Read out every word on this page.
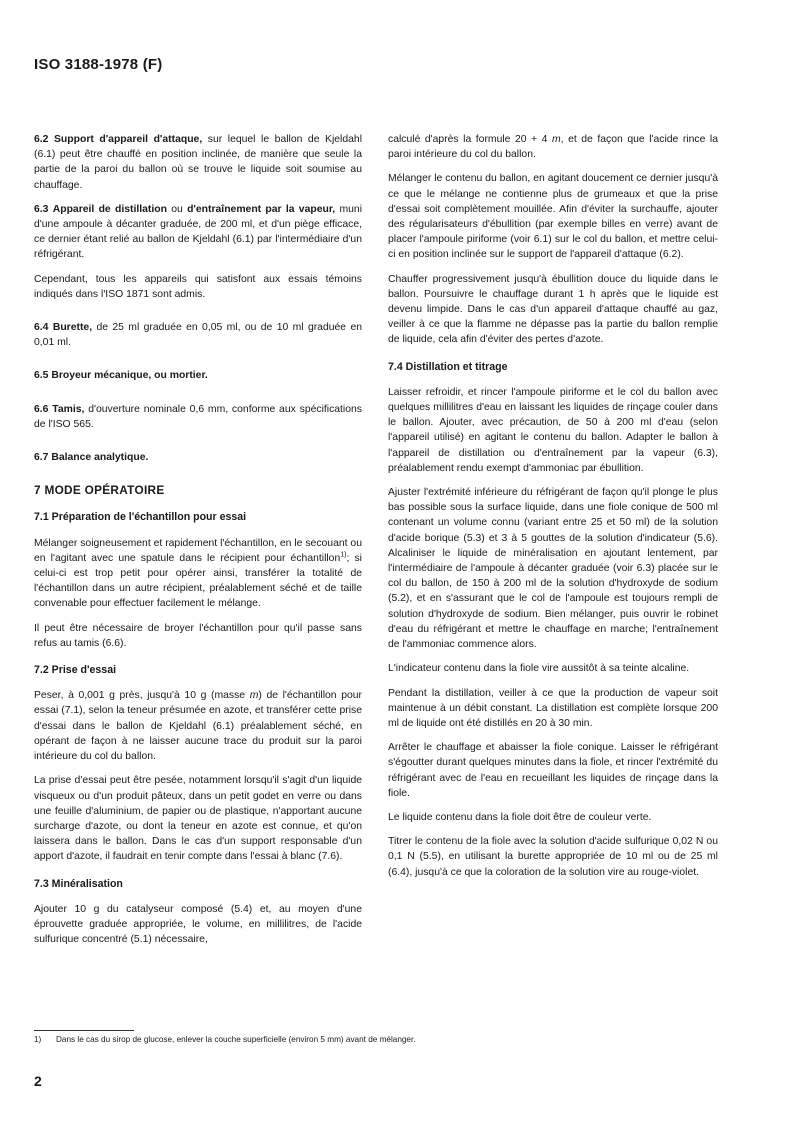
ISO 3188-1978 (F)

6.2 Support d'appareil d'attaque, sur lequel le ballon de Kjeldahl (6.1) peut être chauffé en position inclinée, de manière que seule la partie de la paroi du ballon où se trouve le liquide soit soumise au chauffage.

6.3 Appareil de distillation ou d'entraînement par la vapeur, muni d'une ampoule à décanter graduée, de 200 ml, et d'un piège efficace, ce dernier étant relié au ballon de Kjeldahl (6.1) par l'intermédiaire d'un réfrigérant.

Cependant, tous les appareils qui satisfont aux essais témoins indiqués dans l'ISO 1871 sont admis.

6.4 Burette, de 25 ml graduée en 0,05 ml, ou de 10 ml graduée en 0,01 ml.

6.5 Broyeur mécanique, ou mortier.

6.6 Tamis, d'ouverture nominale 0,6 mm, conforme aux spécifications de l'ISO 565.

6.7 Balance analytique.

7 MODE OPÉRATOIRE
7.1 Préparation de l'échantillon pour essai

Mélanger soigneusement et rapidement l'échantillon, en le secouant ou en l'agitant avec une spatule dans le récipient pour échantillon$^{1)}$; si celui-ci est trop petit pour opérer ainsi, transférer la totalité de l'échantillon dans un autre récipient, préalablement séché et de taille convenable pour effectuer facilement le mélange.

Il peut être nécessaire de broyer l'échantillon pour qu'il passe sans refus au tamis (6.6).

7.2 Prise d'essai

Peser, à 0,001 g près, jusqu'à 10 g (masse m) de l'échantillon pour essai (7.1), selon la teneur présumée en azote, et transférer cette prise d'essai dans le ballon de Kjeldahl (6.1) préalablement séché, en opérant de façon à ne laisser aucune trace du produit sur la paroi intérieure du col du ballon.

La prise d'essai peut être pesée, notamment lorsqu'il s'agit d'un liquide visqueux ou d'un produit pâteux, dans un petit godet en verre ou dans une feuille d'aluminium, de papier ou de plastique, n'apportant aucune surcharge d'azote, ou dont la teneur en azote est connue, et qu'on laissera dans le ballon. Dans le cas d'un support responsable d'un apport d'azote, il faudrait en tenir compte dans l'essai à blanc (7.6).

7.3 Minéralisation

Ajouter 10 g du catalyseur composé (5.4) et, au moyen d'une éprouvette graduée appropriée, le volume, en millilitres, de l'acide sulfurique concentré (5.1) nécessaire,

calculé d'après la formule 20 + 4 m, et de façon que l'acide rince la paroi intérieure du col du ballon.

Mélanger le contenu du ballon, en agitant doucement ce dernier jusqu'à ce que le mélange ne contienne plus de grumeaux et que la prise d'essai soit complètement mouillée. Afin d'éviter la surchauffe, ajouter des régularisateurs d'ébullition (par exemple billes en verre) avant de placer l'ampoule piriforme (voir 6.1) sur le col du ballon, et mettre celui-ci en position inclinée sur le support de l'appareil d'attaque (6.2).

Chauffer progressivement jusqu'à ébullition douce du liquide dans le ballon. Poursuivre le chauffage durant 1 h après que le liquide est devenu limpide. Dans le cas d'un appareil d'attaque chauffé au gaz, veiller à ce que la flamme ne dépasse pas la partie du ballon remplie de liquide, cela afin d'éviter des pertes d'azote.

7.4 Distillation et titrage

Laisser refroidir, et rincer l'ampoule piriforme et le col du ballon avec quelques millilitres d'eau en laissant les liquides de rinçage couler dans le ballon. Ajouter, avec précaution, de 50 à 200 ml d'eau (selon l'appareil utilisé) en agitant le contenu du ballon. Adapter le ballon à l'appareil de distillation ou d'entraînement par la vapeur (6.3), préalablement rendu exempt d'ammoniac par ébullition.

Ajuster l'extrémité inférieure du réfrigérant de façon qu'il plonge le plus bas possible sous la surface liquide, dans une fiole conique de 500 ml contenant un volume connu (variant entre 25 et 50 ml) de la solution d'acide borique (5.3) et 3 à 5 gouttes de la solution d'indicateur (5.6). Alcaliniser le liquide de minéralisation en ajoutant lentement, par l'intermédiaire de l'ampoule à décanter graduée (voir 6.3) placée sur le col du ballon, de 150 à 200 ml de la solution d'hydroxyde de sodium (5.2), et en s'assurant que le col de l'ampoule est toujours rempli de solution d'hydroxyde de sodium. Bien mélanger, puis ouvrir le robinet d'eau du réfrigérant et mettre le chauffage en marche; l'entraînement de l'ammoniac commence alors.

L'indicateur contenu dans la fiole vire aussitôt à sa teinte alcaline.

Pendant la distillation, veiller à ce que la production de vapeur soit maintenue à un débit constant. La distillation est complète lorsque 200 ml de liquide ont été distillés en 20 à 30 min.

Arrêter le chauffage et abaisser la fiole conique. Laisser le réfrigérant s'égoutter durant quelques minutes dans la fiole, et rincer l'extrémité du réfrigérant avec de l'eau en recueillant les liquides de rinçage dans la fiole.

Le liquide contenu dans la fiole doit être de couleur verte.

Titrer le contenu de la fiole avec la solution d'acide sulfurique 0,02 N ou 0,1 N (5.5), en utilisant la burette appropriée de 10 ml ou de 25 ml (6.4), jusqu'à ce que la coloration de la solution vire au rouge-violet.

1) Dans le cas du sirop de glucose, enlever la couche superficielle (environ 5 mm) avant de mélanger.
2
